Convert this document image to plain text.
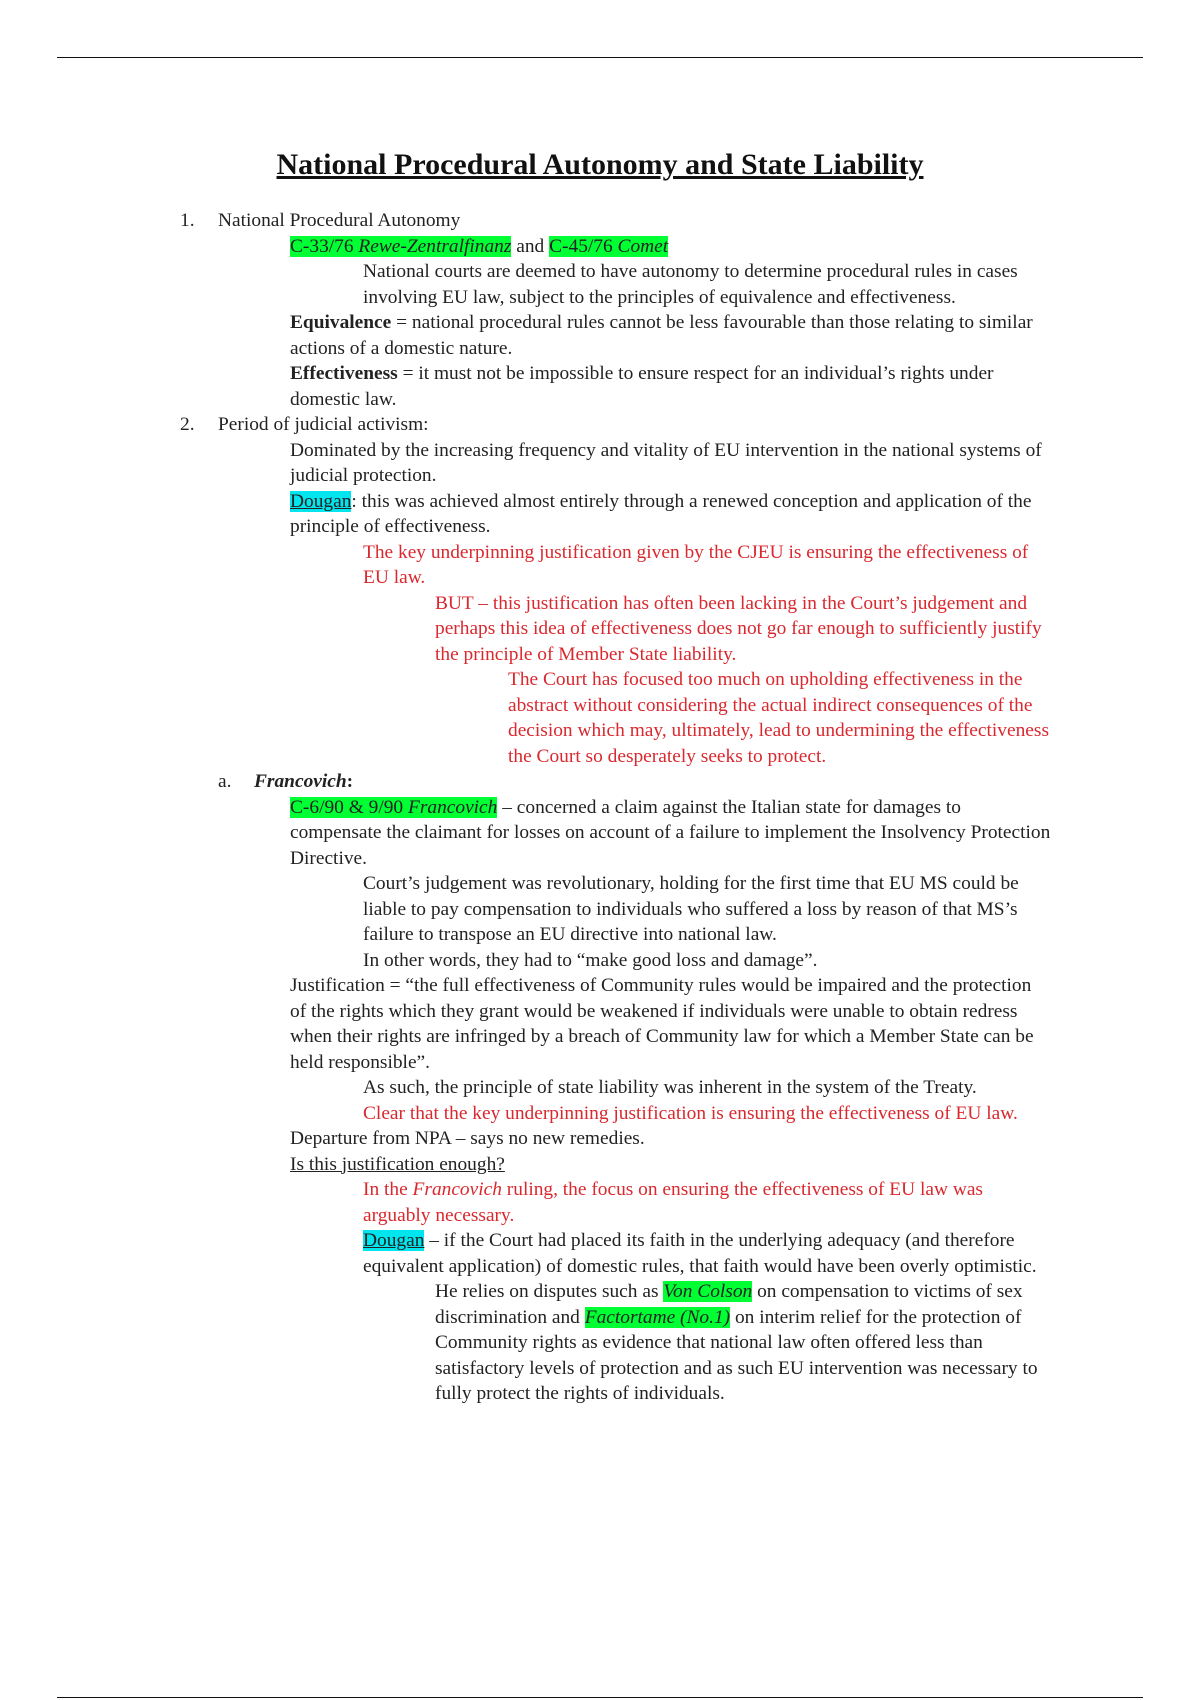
National Procedural Autonomy and State Liability
1. National Procedural Autonomy
C-33/76 Rewe-Zentralfinanz and C-45/76 Comet
National courts are deemed to have autonomy to determine procedural rules in cases involving EU law, subject to the principles of equivalence and effectiveness.
Equivalence = national procedural rules cannot be less favourable than those relating to similar actions of a domestic nature.
Effectiveness = it must not be impossible to ensure respect for an individual’s rights under domestic law.
2. Period of judicial activism:
Dominated by the increasing frequency and vitality of EU intervention in the national systems of judicial protection.
Dougan: this was achieved almost entirely through a renewed conception and application of the principle of effectiveness.
The key underpinning justification given by the CJEU is ensuring the effectiveness of EU law.
BUT – this justification has often been lacking in the Court’s judgement and perhaps this idea of effectiveness does not go far enough to sufficiently justify the principle of Member State liability.
The Court has focused too much on upholding effectiveness in the abstract without considering the actual indirect consequences of the decision which may, ultimately, lead to undermining the effectiveness the Court so desperately seeks to protect.
a. Francovich:
C-6/90 & 9/90 Francovich – concerned a claim against the Italian state for damages to compensate the claimant for losses on account of a failure to implement the Insolvency Protection Directive.
Court’s judgement was revolutionary, holding for the first time that EU MS could be liable to pay compensation to individuals who suffered a loss by reason of that MS’s failure to transpose an EU directive into national law.
In other words, they had to “make good loss and damage”.
Justification = “the full effectiveness of Community rules would be impaired and the protection of the rights which they grant would be weakened if individuals were unable to obtain redress when their rights are infringed by a breach of Community law for which a Member State can be held responsible”.
As such, the principle of state liability was inherent in the system of the Treaty.
Clear that the key underpinning justification is ensuring the effectiveness of EU law.
Departure from NPA – says no new remedies.
Is this justification enough?
In the Francovich ruling, the focus on ensuring the effectiveness of EU law was arguably necessary.
Dougan – if the Court had placed its faith in the underlying adequacy (and therefore equivalent application) of domestic rules, that faith would have been overly optimistic.
He relies on disputes such as Von Colson on compensation to victims of sex discrimination and Factortame (No.1) on interim relief for the protection of Community rights as evidence that national law often offered less than satisfactory levels of protection and as such EU intervention was necessary to fully protect the rights of individuals.
